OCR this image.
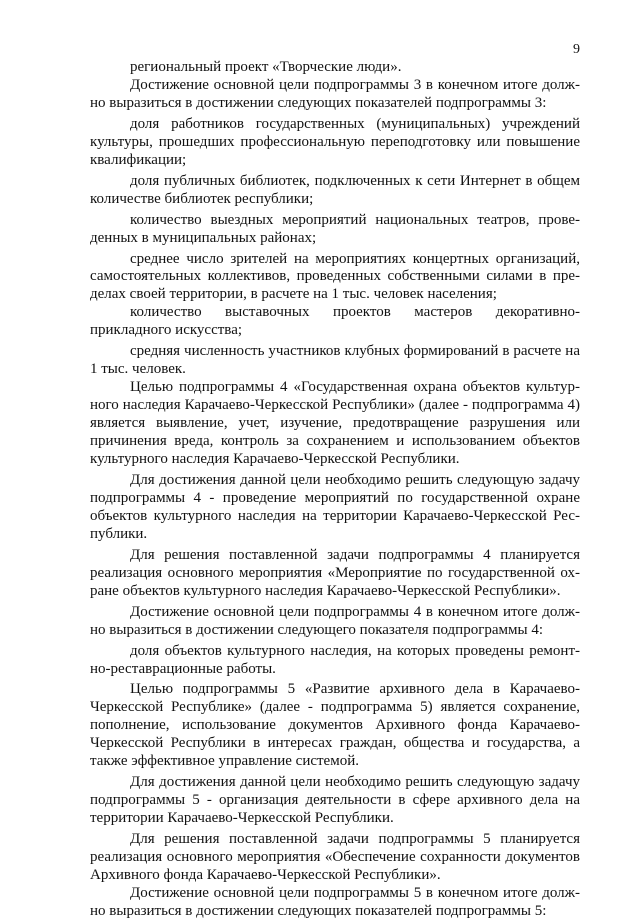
9

региональный проект «Творческие люди».

Достижение основной цели подпрограммы 3 в конечном итоге должно выразиться в достижении следующих показателей подпрограммы 3:

доля работников государственных (муниципальных) учреждений культуры, прошедших профессиональную переподготовку или повышение квалификации;

доля публичных библиотек, подключенных к сети Интернет в общем количестве библиотек республики;

количество выездных мероприятий национальных театров, проведенных в муниципальных районах;

среднее число зрителей на мероприятиях концертных организаций, самостоятельных коллективов, проведенных собственными силами в пределах своей территории, в расчете на 1 тыс. человек населения;

количество выставочных проектов мастеров декоративно-прикладного искусства;

средняя численность участников клубных формирований в расчете на 1 тыс. человек.

Целью подпрограммы 4 «Государственная охрана объектов культурного наследия Карачаево-Черкесской Республики» (далее - подпрограмма 4) является выявление, учет, изучение, предотвращение разрушения или причинения вреда, контроль за сохранением и использованием объектов культурного наследия Карачаево-Черкесской Республики.

Для достижения данной цели необходимо решить следующую задачу подпрограммы 4 - проведение мероприятий по государственной охране объектов культурного наследия на территории Карачаево-Черкесской Республики.

Для решения поставленной задачи подпрограммы 4 планируется реализация основного мероприятия «Мероприятие по государственной охране объектов культурного наследия Карачаево-Черкесской Республики».

Достижение основной цели подпрограммы 4 в конечном итоге должно выразиться в достижении следующего показателя подпрограммы 4:

доля объектов культурного наследия, на которых проведены ремонтно-реставрационные работы.

Целью подпрограммы 5 «Развитие архивного дела в Карачаево-Черкесской Республике» (далее - подпрограмма 5) является сохранение, пополнение, использование документов Архивного фонда Карачаево-Черкесской Республики в интересах граждан, общества и государства, а также эффективное управление системой.

Для достижения данной цели необходимо решить следующую задачу подпрограммы 5 - организация деятельности в сфере архивного дела на территории Карачаево-Черкесской Республики.

Для решения поставленной задачи подпрограммы 5 планируется реализация основного мероприятия «Обеспечение сохранности документов Архивного фонда Карачаево-Черкесской Республики».

Достижение основной цели подпрограммы 5 в конечном итоге должно выразиться в достижении следующих показателей подпрограммы 5:
